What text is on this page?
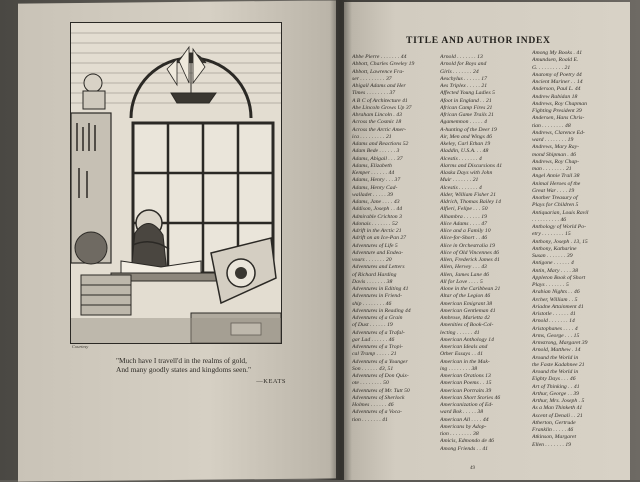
Courtesy
"Much have I travell'd in the realms of gold,
And many goodly states and kingdoms seen."
—KEATS
TITLE AND AUTHOR INDEX
Abbe Pierre . . . . . . . 44
Abbott, Charles Greeley 19
Abbott, Lawrence Fra-
ser . . . . . . . . . 37
Abigail Adams and Her
Times . . . . . . . . 37
A B C of Architecture 41
Abe Lincoln Grows Up 37
Abraham Lincoln . 43
Across the Cosmic 18
Across the Arctic Amer-
ica . . . . . . . . . 21
Adams and Reactions 52
Adam Bede . . . . . . 3
Adams, Abigail . . . 37
Adams, Elizabeth
Kemper . . . . . . 44
Adams, Henry . . . 37
Adams, Henry Cad-
walladet . . . . . 39
Adams, Jane . . . . 43
Addison, Joseph . . 44
Admirable Crichton 3
Adonais . . . . . . . 52
Adrift in the Arctic 21
Adrift on an Ice-Pan 27
Adventures of Life 5
Adventure and Endea-
vours . . . . . . . 20
Adventures and Letters
of Richard Harding
Davis . . . . . . . 38
Adventures in Editing 41
Adventures in Friend-
ship . . . . . . . . 46
Adventures in Reading 44
Adventures of a Grain
of Dust . . . . . . 19
Adventures of a Trafal-
gar Lad . . . . . . 46
Adventures of a Tropi-
cal Tramp . . . . . 21
Adventures of a Younger
Son . . . . . . 43, 51
Adventures of Don Quix-
ote . . . . . . . . 50
Adventures of Mr. Tutt 50
Adventures of Sherlock
Holmes . . . . . . 46
Adventures of a Voca-
tion . . . . . . . 41
Arnold . . . . . . . 13
Arnold for Boys and
Girls . . . . . . . 24
Aeschylus . . . . . . 17
Aes Triplex . . . . . 21
Affected Young Ladies 5
Afoot in England . . 21
African Camp Fires 21
African Game Trails 21
Agamemnon . . . . . 4
A-hunting of the Deer 19
Air, Men and Wings 46
Akeley, Carl Ethan 19
Aladdin, U.S.A. . . 48
Alcestis . . . . . . . 4
Alarms and Discursions 41
Alaska Days with John
Muir . . . . . . . 21
Alcestis . . . . . . . 4
Alder, William Fisher 21
Aldrich, Thomas Bailey 14
Alfieri, Felipe . . . 50
Alhambra . . . . . . 19
Alice Adams . . . . 47
Alice and a Family 10
Alice-for-Short . . 46
Alice in Orchestralia 19
Alice of Old Vincennes 46
Allen, Frederick James 41
Allen, Hervey . . . 43
Allen, James Lane 46
All for Love . . . . 5
Alone in the Caribbean 21
Altar of the Legion 46
American Emigrant 38
American Gentleman 41
Ambrose, Marietta 42
Amenities of Book-Col-
lecting . . . . . . 41
American Anthology 14
American Ideals and
Other Essays . . 41
American in the Mak-
ing . . . . . . . . 38
American Orations 13
American Poems . . 15
American Portraits 39
American Short Stories 46
Americanization of Ed-
ward Bok . . . . . 38
American All . . . . 44
Americans by Adop-
tion . . . . . . . . 38
Amicis, Edmondo de 46
Among Friends . . 41
Among My Books . 41
Amundsen, Roald E.
G. . . . . . . . . . 21
Anatomy of Poetry 44
Ancient Mariner . . 14
Anderson, Paul L. 44
Andrew Rabidan 18
Andrews, Roy Chapman
Fighting President 39
Andersen, Hans Chris-
tian . . . . . . . . 48
Andrews, Clarence Ed-
ward . . . . . . . . 19
Andrews, Mary Ray-
mond Shipman . 46
Andrews, Roy Chap-
man . . . . . . . . 21
Angel Annie Trail 38
Animal Heroes of the
Great War . . . . 19
Another Treasury of
Plays for Children 5
Antiquarian, Louis Ravil
. . . . . . . . . . 46
Anthology of World Po-
etry . . . . . . . . 15
Anthony, Joseph . 13, 15
Anthony, Katharine
Susan . . . . . . . 39
Antigone . . . . . . 4
Antin, Mary . . . . 38
Appleton Book of Short
Plays . . . . . . . 5
Arabian Nights . . 46
Archer, William . . 5
Ariadne Attainment 41
Aristotle . . . . . . 41
Arnold . . . . . . . 14
Aristophanes . . . . 4
Arms, George . . . 15
Armstrong, Margaret 39
Arnold, Matthew . 14
Around the World in
the Faste Kadahnee 21
Around the World in
Eighty Days . . . 46
Art of Thinking . . 41
Arthur, George . . 39
Arthur, Mrs. Joseph . 5
As a Man Thinketh 41
Ascent of Denali . . 21
Atherton, Gertrude
Franklin . . . . . 46
Atkinson, Margaret
Ellen . . . . . . . 19
49
